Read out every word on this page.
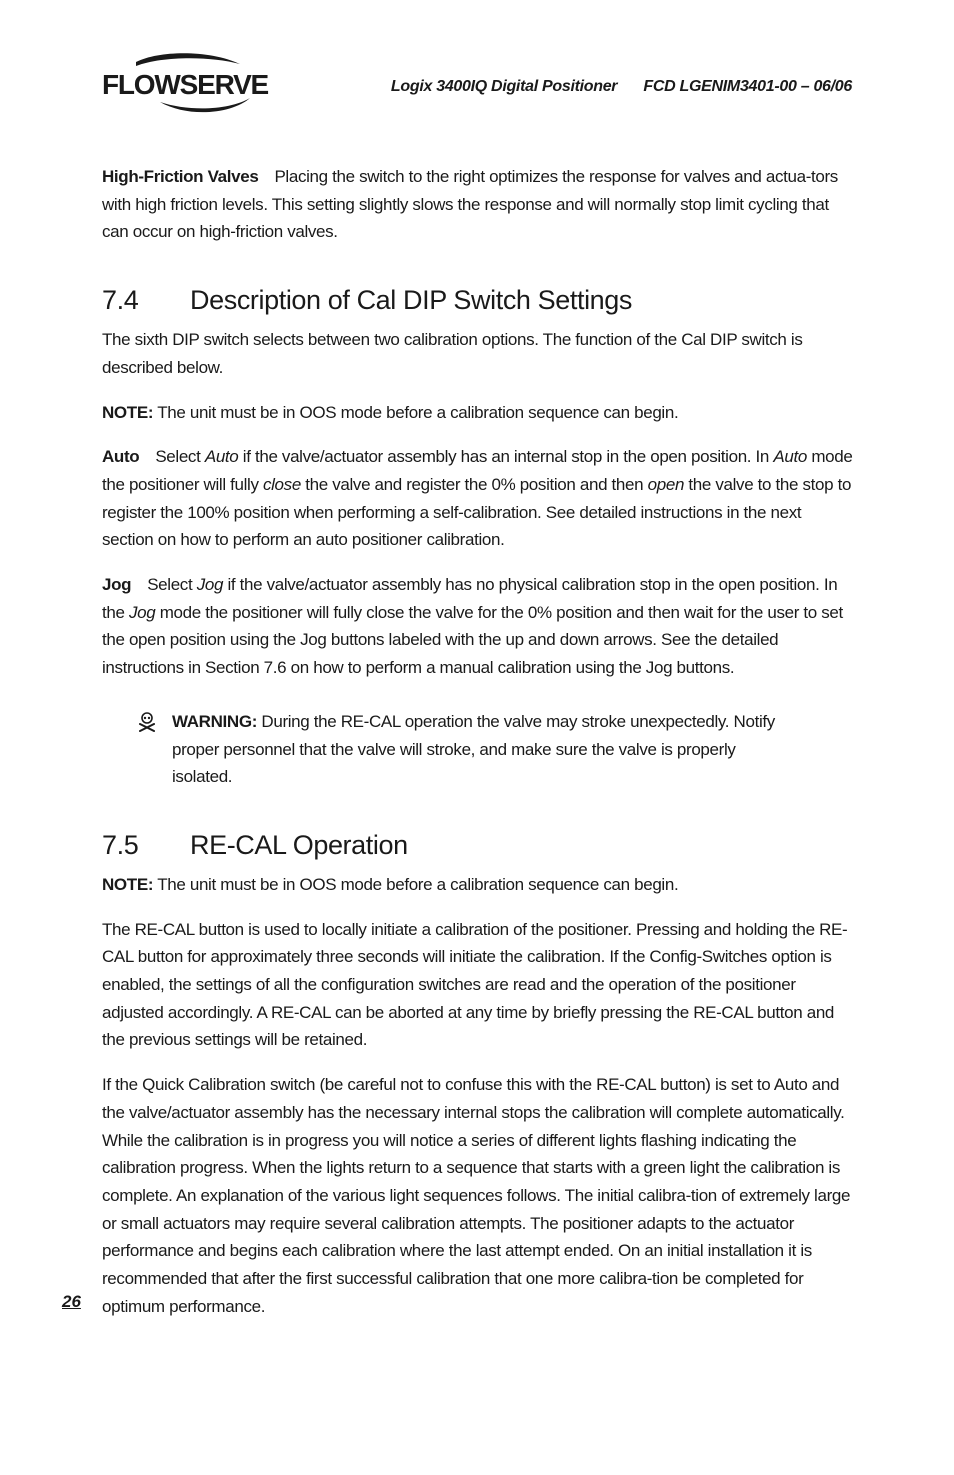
FLOWSERVE	Logix 3400IQ Digital Positioner FCD LGENIM3401-00 – 06/06

High-Friction Valves Placing the switch to the right optimizes the response for valves and actua-tors with high friction levels. This setting slightly slows the response and will normally stop limit cycling that can occur on high-friction valves.

7.4 Description of Cal DIP Switch Settings

The sixth DIP switch selects between two calibration options. The function of the Cal DIP switch is described below.

NOTE: The unit must be in OOS mode before a calibration sequence can begin.

Auto Select Auto if the valve/actuator assembly has an internal stop in the open position. In Auto mode the positioner will fully close the valve and register the 0% position and then open the valve to the stop to register the 100% position when performing a self-calibration. See detailed instructions in the next section on how to perform an auto positioner calibration.

Jog Select Jog if the valve/actuator assembly has no physical calibration stop in the open position. In the Jog mode the positioner will fully close the valve for the 0% position and then wait for the user to set the open position using the Jog buttons labeled with the up and down arrows. See the detailed instructions in Section 7.6 on how to perform a manual calibration using the Jog buttons.

WARNING: During the RE-CAL operation the valve may stroke unexpectedly. Notify proper personnel that the valve will stroke, and make sure the valve is properly isolated.

7.5 RE-CAL Operation

NOTE: The unit must be in OOS mode before a calibration sequence can begin.

The RE-CAL button is used to locally initiate a calibration of the positioner. Pressing and holding the RE-CAL button for approximately three seconds will initiate the calibration. If the Config-Switches option is enabled, the settings of all the configuration switches are read and the operation of the positioner adjusted accordingly. A RE-CAL can be aborted at any time by briefly pressing the RE-CAL button and the previous settings will be retained.

If the Quick Calibration switch (be careful not to confuse this with the RE-CAL button) is set to Auto and the valve/actuator assembly has the necessary internal stops the calibration will complete automatically. While the calibration is in progress you will notice a series of different lights flashing indicating the calibration progress. When the lights return to a sequence that starts with a green light the calibration is complete. An explanation of the various light sequences follows. The initial calibra-tion of extremely large or small actuators may require several calibration attempts. The positioner adapts to the actuator performance and begins each calibration where the last attempt ended. On an initial installation it is recommended that after the first successful calibration that one more calibra-tion be completed for optimum performance.

26
